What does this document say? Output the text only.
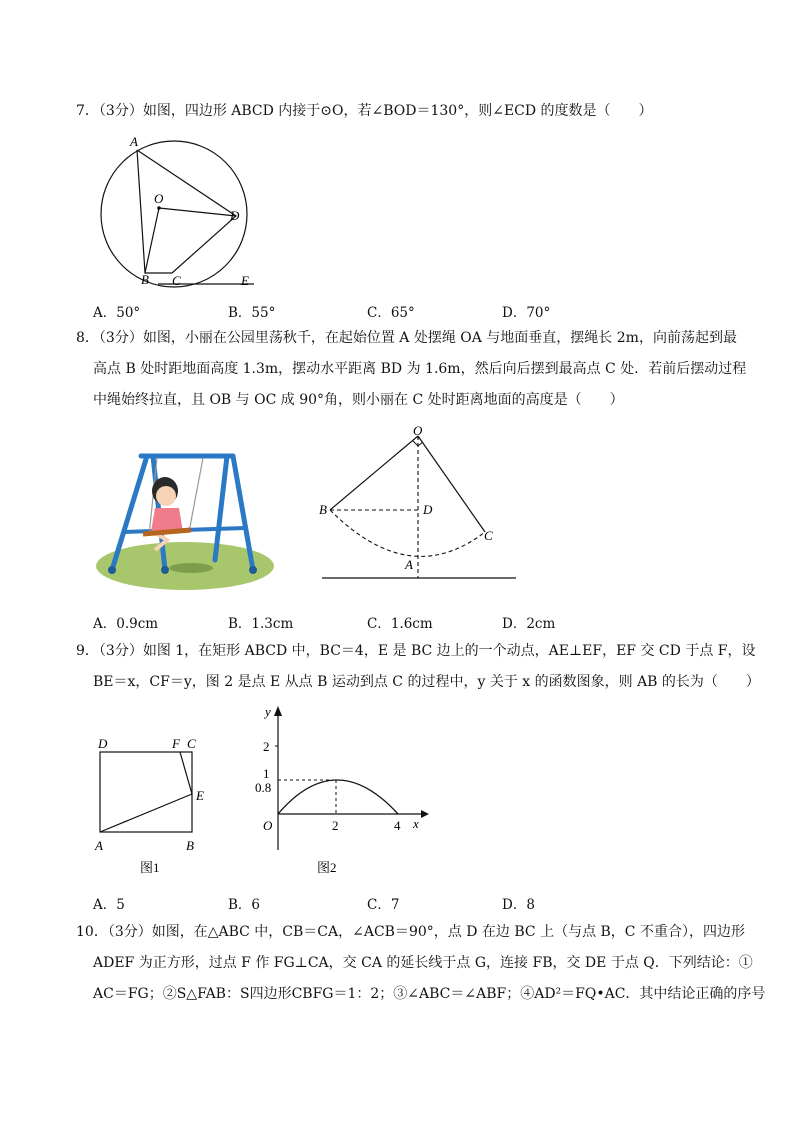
7．（3分）如图，四边形 ABCD 内接于⊙O，若∠BOD＝130°，则∠ECD 的度数是（　　）
A
O
D
B C	E
A．50°	B．55°	C．65°	D．70°
8．（3分）如图，小丽在公园里荡秋千，在起始位置 A 处摆绳 OA 与地面垂直，摆绳长 2m，向前荡起到最
高点 B 处时距地面高度 1.3m，摆动水平距离 BD 为 1.6m，然后向后摆到最高点 C 处．若前后摆动过程
中绳始终拉直，且 OB 与 OC 成 90°角，则小丽在 C 处时距离地面的高度是（　　）
O
B	D
C
A
A．0.9cm	B．1.3cm	C．1.6cm	D．2cm
9．（3分）如图 1，在矩形 ABCD 中，BC＝4，E 是 BC 边上的一个动点，AE⊥EF，EF 交 CD 于点 F，设
BE＝x，CF＝y，图 2 是点 E 从点 B 运动到点 C 的过程中，y 关于 x 的函数图象，则 AB 的长为（　　）
D	F C
E
A	B
图1
y
x
O
2
1
0.8
2	4
图2
A．5	B．6	C．7	D．8
10．（3分）如图，在△ABC 中，CB＝CA，∠ACB＝90°，点 D 在边 BC 上（与点 B，C 不重合），四边形
ADEF 为正方形，过点 F 作 FG⊥CA，交 CA 的延长线于点 G，连接 FB，交 DE 于点 Q．下列结论：①
AC＝FG；②S△FAB：S四边形CBFG＝1：2；③∠ABC＝∠ABF；④AD²＝FQ•AC．其中结论正确的序号
